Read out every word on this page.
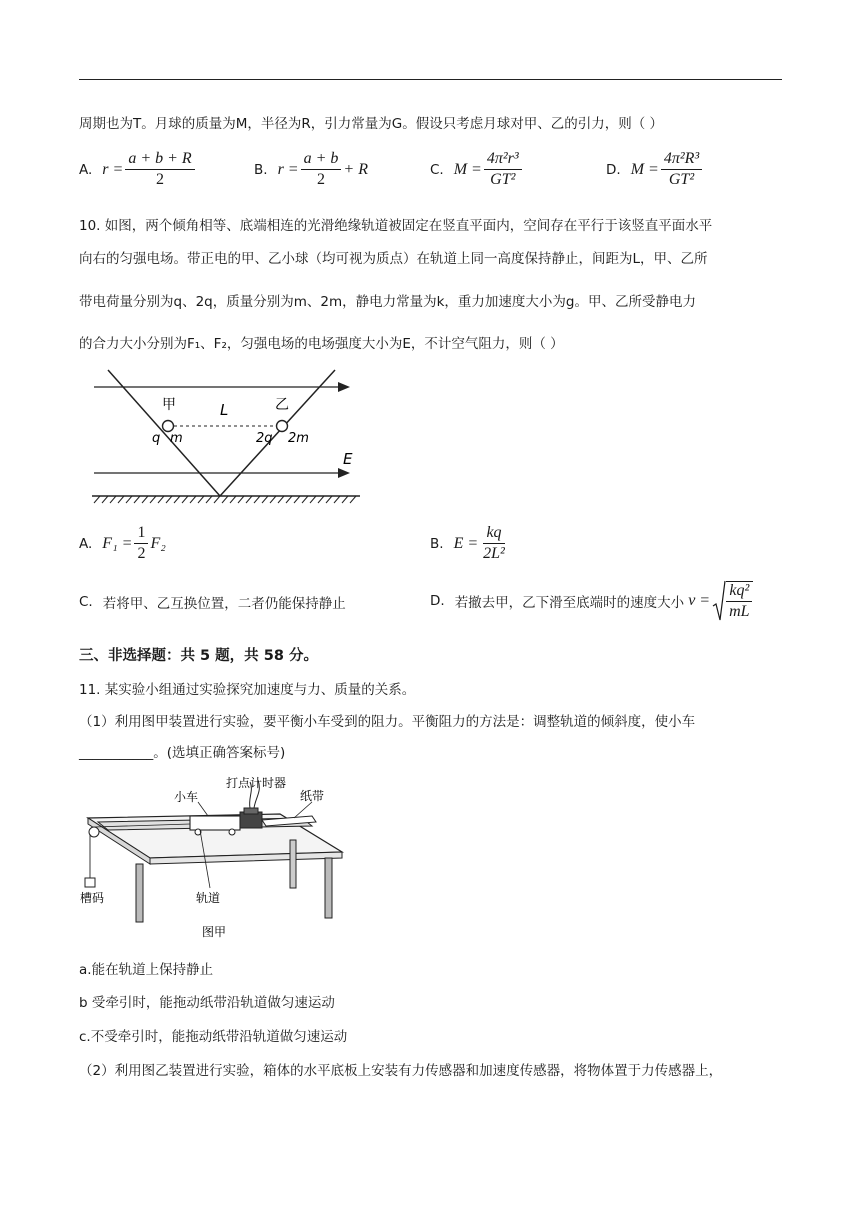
周期也为T。月球的质量为M，半径为R，引力常量为G。假设只考虑月球对甲、乙的引力，则（ ）
A. $r = \frac{a + b + R}{2}$	B. $r = \frac{a + b}{2} + R$	C. $M = \frac{\text{4π²r³}}{\text{GT²}}$	D. $M = \frac{\text{4π²R³}}{\text{GT²}}$
10. 如图，两个倾角相等、底端相连的光滑绝缘轨道被固定在竖直平面内，空间存在平行于该竖直平面水平
向右的匀强电场。带正电的甲、乙小球（均可视为质点）在轨道上同一高度保持静止，间距为L，甲、乙所
带电荷量分别为q、2q，质量分别为m、2m，静电力常量为k，重力加速度大小为g。甲、乙所受静电力
的合力大小分别为F₁、F₂，匀强电场的电场强度大小为E，不计空气阻力，则（ ）
甲	乙
L
q m	2q 2m
E
A. $F_1 = \frac{1}{2} F_2$	B. $E = \frac{kq}{\text{2L²}}$
C. 若将甲、乙互换位置，二者仍能保持静止	D. 若撤去甲，乙下滑至底端时的速度大小 $v = \frac{\text{kq²}}{mL}$
三、非选择题：共 5 题，共 58 分。
11. 某实验小组通过实验探究加速度与力、质量的关系。
（1）利用图甲装置进行实验，要平衡小车受到的阻力。平衡阻力的方法是：调整轨道的倾斜度，使小车
___________。(选填正确答案标号)
打点计时器
小车	纸带
槽码	轨道
图甲
a.能在轨道上保持静止
b 受牵引时，能拖动纸带沿轨道做匀速运动
c.不受牵引时，能拖动纸带沿轨道做匀速运动
（2）利用图乙装置进行实验，箱体的水平底板上安装有力传感器和加速度传感器，将物体置于力传感器上，
